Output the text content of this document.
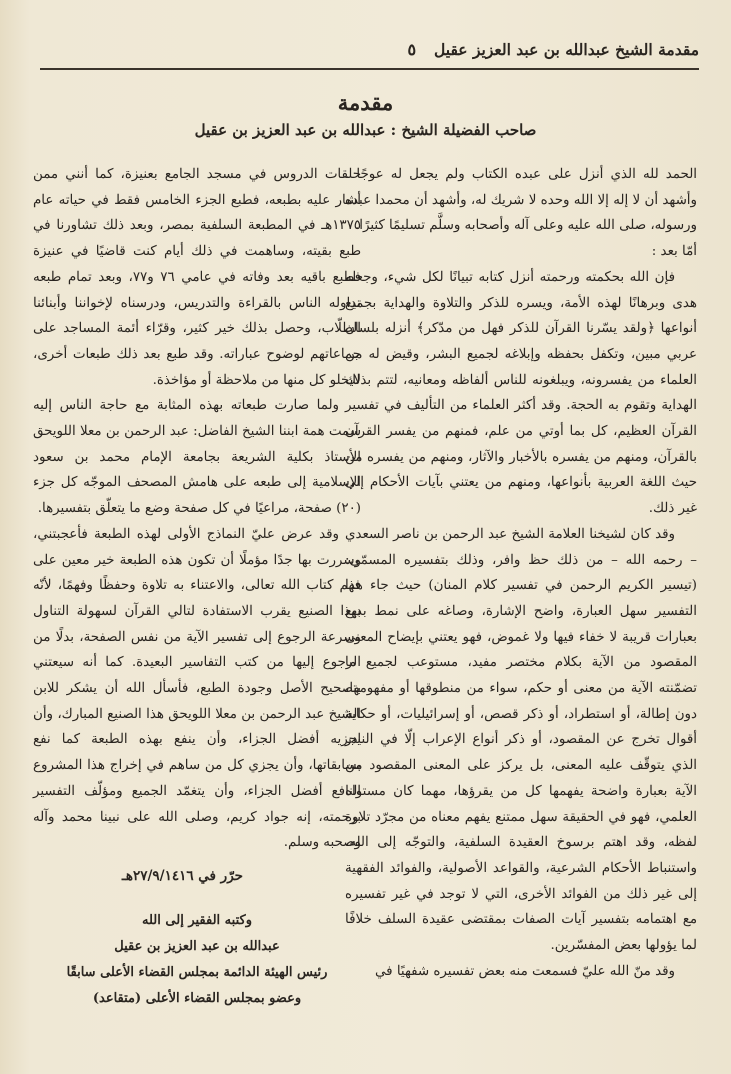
مقدمة الشيخ عبدالله بن عبد العزيز عقيل
٥
مقدمة
صاحب الفضيلة الشيخ : عبدالله بن عبد العزيز بن عقيل

الحمد لله الذي أنزل على عبده الكتاب ولم يجعل له عوجًا . وأشهد أن لا إله إلا الله وحده لا شريك له، وأشهد أن محمدا عبده ورسوله، صلى الله عليه وعلى آله وأصحابه وسلَّم تسليمًا كثيرًا.

أمّا بعد :

فإن الله بحكمته ورحمته أنزل كتابه تبيانًا لكل شيء، وجعله هدى وبرهانًا لهذه الأمة، ويسره للذكر والتلاوة والهداية بجميع أنواعها ﴿ولقد يسّرنا القرآن للذكر فهل من مدّكر﴾ أنزله بلسان عربي مبين، وتكفل بحفظه وإبلاغه لجميع البشر، وقيض له من العلماء من يفسرونه، ويبلغونه للناس ألفاظه ومعانيه، لتتم بذلك الهداية وتقوم به الحجة. وقد أكثر العلماء من التأليف في تفسير القرآن العظيم، كل بما أوتي من علم، فمنهم من يفسر القرآن بالقرآن، ومنهم من يفسره بالأخبار والآثار، ومنهم من يفسره من حيث اللغة العربية بأنواعها، ومنهم من يعتني بآيات الأحكام إلى غير ذلك.

وقد كان لشيخنا العلامة الشيخ عبد الرحمن بن ناصر السعدي – رحمه الله – من ذلك حظ وافر، وذلك بتفسيره المسمّى: (تيسير الكريم الرحمن في تفسير كلام المنان) حيث جاء هذا التفسير سهل العبارة، واضح الإشارة، وصاغه على نمط بديع بعبارات قريبة لا خفاء فيها ولا غموض، فهو يعتني بإيضاح المعنى المقصود من الآية بكلام مختصر مفيد، مستوعب لجميع ما تضمّنته الآية من معنى أو حكم، سواء من منطوقها أو مفهومها، دون إطالة، أو استطراد، أو ذكر قصص، أو إسرائيليات، أو حكاية أقوال تخرج عن المقصود، أو ذكر أنواع الإعراب إلّا في النادر الذي يتوقّف عليه المعنى، بل يركز على المعنى المقصود من الآية بعبارة واضحة يفهمها كل من يقرؤها، مهما كان مستواه العلمي، فهو في الحقيقة سهل ممتنع يفهم معناه من مجرّد تلاوة لفظه، وقد اهتم برسوخ العقيدة السلفية، والتوجّه إلى الله، واستنباط الأحكام الشرعية، والقواعد الأصولية، والفوائد الفقهية إلى غير ذلك من الفوائد الأخرى، التي لا توجد في غير تفسيره مع اهتمامه بتفسير آيات الصفات بمقتضى عقيدة السلف خلافًا لما يؤولها بعض المفسّرين.

وقد منّ الله عليّ فسمعت منه بعض تفسيره شفهيًا في

حلقات الدروس في مسجد الجامع بعنيزة، كما أنني ممن أشار عليه بطبعه، فطبع الجزء الخامس فقط في حياته عام ١٣٧٥هـ في المطبعة السلفية بمصر، وبعد ذلك تشاورنا في طبع بقيته، وساهمت في ذلك أيام كنت قاضيًا في عنيزة فطبع باقيه بعد وفاته في عامي ٧٦ و٧٧، وبعد تمام طبعه تداوله الناس بالقراءة والتدريس، ودرسناه لإخواننا وأبنائنا الطلّاب، وحصل بذلك خير كثير، وقرّاء أئمة المساجد على جماعاتهم لوضوح عباراته. وقد طبع بعد ذلك طبعات أخرى، لايخلو كل منها من ملاحظة أو مؤاخذة.

ولما صارت طبعاته بهذه المثابة مع حاجة الناس إليه سمت همة ابننا الشيخ الفاضل: عبد الرحمن بن معلا اللويحق الأستاذ بكلية الشريعة بجامعة الإمام محمد بن سعود الإسلامية إلى طبعه على هامش المصحف الموجّه كل جزء (٢٠) صفحة، مراعيًا في كل صفحة وضع ما يتعلّق بتفسيرها.

وقد عرض عليّ النماذج الأولى لهذه الطبعة فأعجبتني، وسررت بها جدًا مؤملًا أن تكون هذه الطبعة خير معين على فهم كتاب الله تعالى، والاعتناء به تلاوة وحفظًا وفهمًا، لأنّه بهذا الصنيع يقرب الاستفادة لتالي القرآن لسهولة التناول وسرعة الرجوع إلى تفسير الآية من نفس الصفحة، بدلًا من الرجوع إليها من كتب التفاسير البعيدة. كما أنه سيعتني بتصحيح الأصل وجودة الطبع، فأسأل الله أن يشكر للابن الشيخ عبد الرحمن بن معلا اللويحق هذا الصنيع المبارك، وأن يجزيه أفضل الجزاء، وأن ينفع بهذه الطبعة كما نفع بسابقاتها، وأن يجزي كل من ساهم في إخراج هذا المشروع النافع أفضل الجزاء، وأن يتغمّد الجميع ومؤلّف التفسير برحمته، إنه جواد كريم، وصلى الله على نبينا محمد وآله وصحبه وسلم.

حرّر في ٢٧/٩/١٤١٦هـ
وكتبه الفقير إلى الله
عبدالله بن عبد العزيز بن عقيل
رئيس الهيئة الدائمة بمجلس القضاء الأعلى سابقًا
وعضو بمجلس القضاء الأعلى (متقاعد)
